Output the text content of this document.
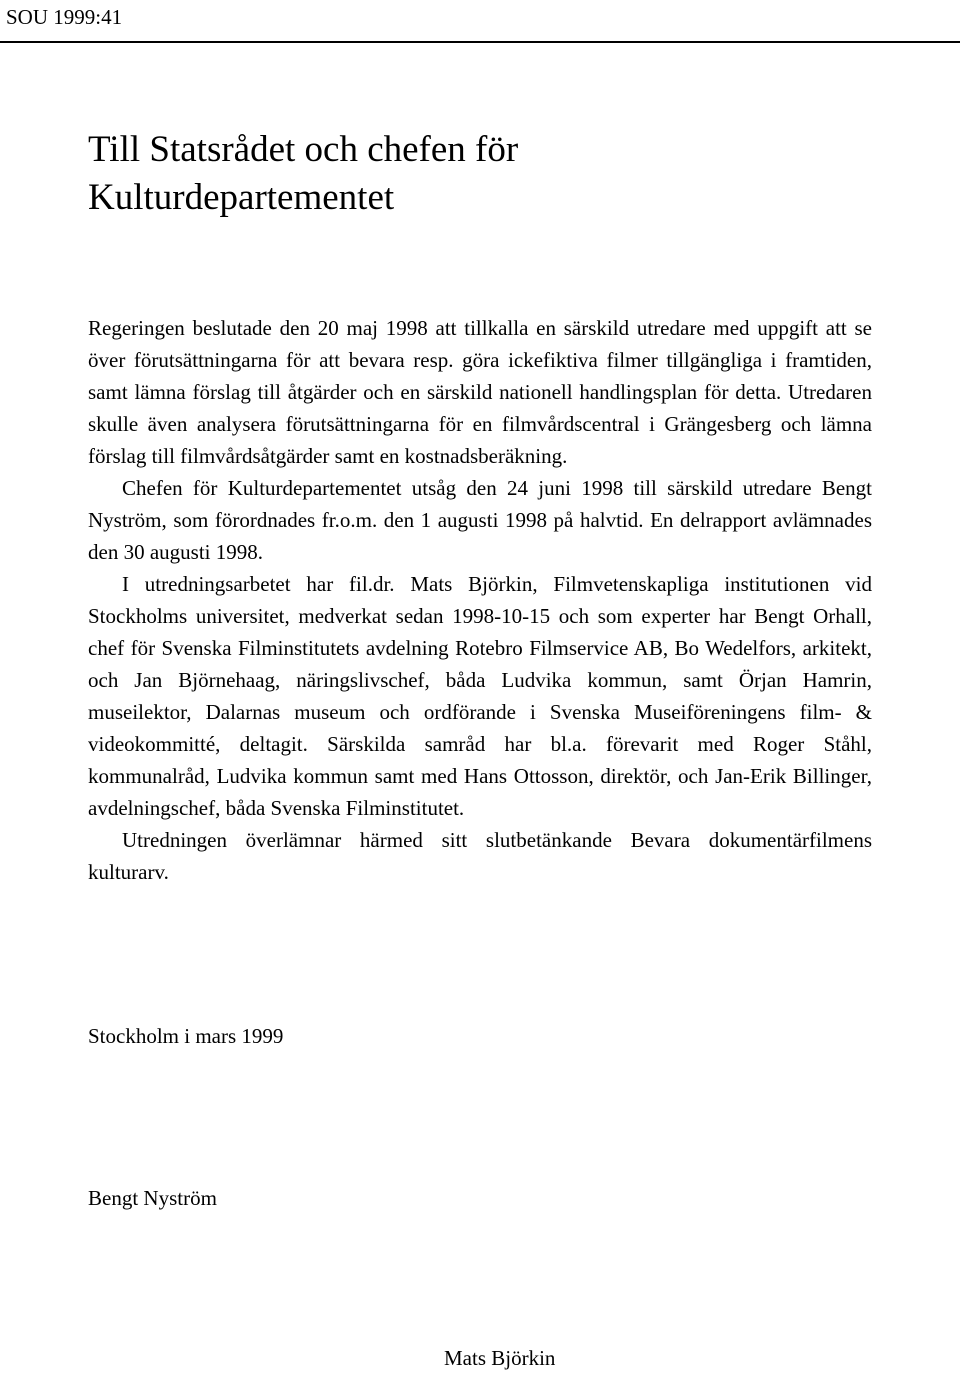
SOU 1999:41
Till Statsrådet och chefen för
Kulturdepartementet

Regeringen beslutade den 20 maj 1998 att tillkalla en särskild utredare med uppgift att se över förutsättningarna för att bevara resp. göra ickefiktiva filmer tillgängliga i framtiden, samt lämna förslag till åtgärder och en särskild nationell handlingsplan för detta. Utredaren skulle även analysera förutsättningarna för en filmvårdscentral i Grängesberg och lämna förslag till filmvårdsåtgärder samt en kostnadsberäkning.

Chefen för Kulturdepartementet utsåg den 24 juni 1998 till särskild utredare Bengt Nyström, som förordnades fr.o.m. den 1 augusti 1998 på halvtid. En delrapport avlämnades den 30 augusti 1998.

I utredningsarbetet har fil.dr. Mats Björkin, Filmvetenskapliga institutionen vid Stockholms universitet, medverkat sedan 1998-10-15 och som experter har Bengt Orhall, chef för Svenska Filminstitutets avdelning Rotebro Filmservice AB, Bo Wedelfors, arkitekt, och Jan Björnehaag, näringslivschef, båda Ludvika kommun, samt Örjan Hamrin, museilektor, Dalarnas museum och ordförande i Svenska Museiföreningens film- & videokommitté, deltagit. Särskilda samråd har bl.a. förevarit med Roger Ståhl, kommunalråd, Ludvika kommun samt med Hans Ottosson, direktör, och Jan-Erik Billinger, avdelningschef, båda Svenska Filminstitutet.

Utredningen överlämnar härmed sitt slutbetänkande Bevara dokumentärfilmens kulturarv.

Stockholm i mars 1999
Bengt Nyström
Mats Björkin
